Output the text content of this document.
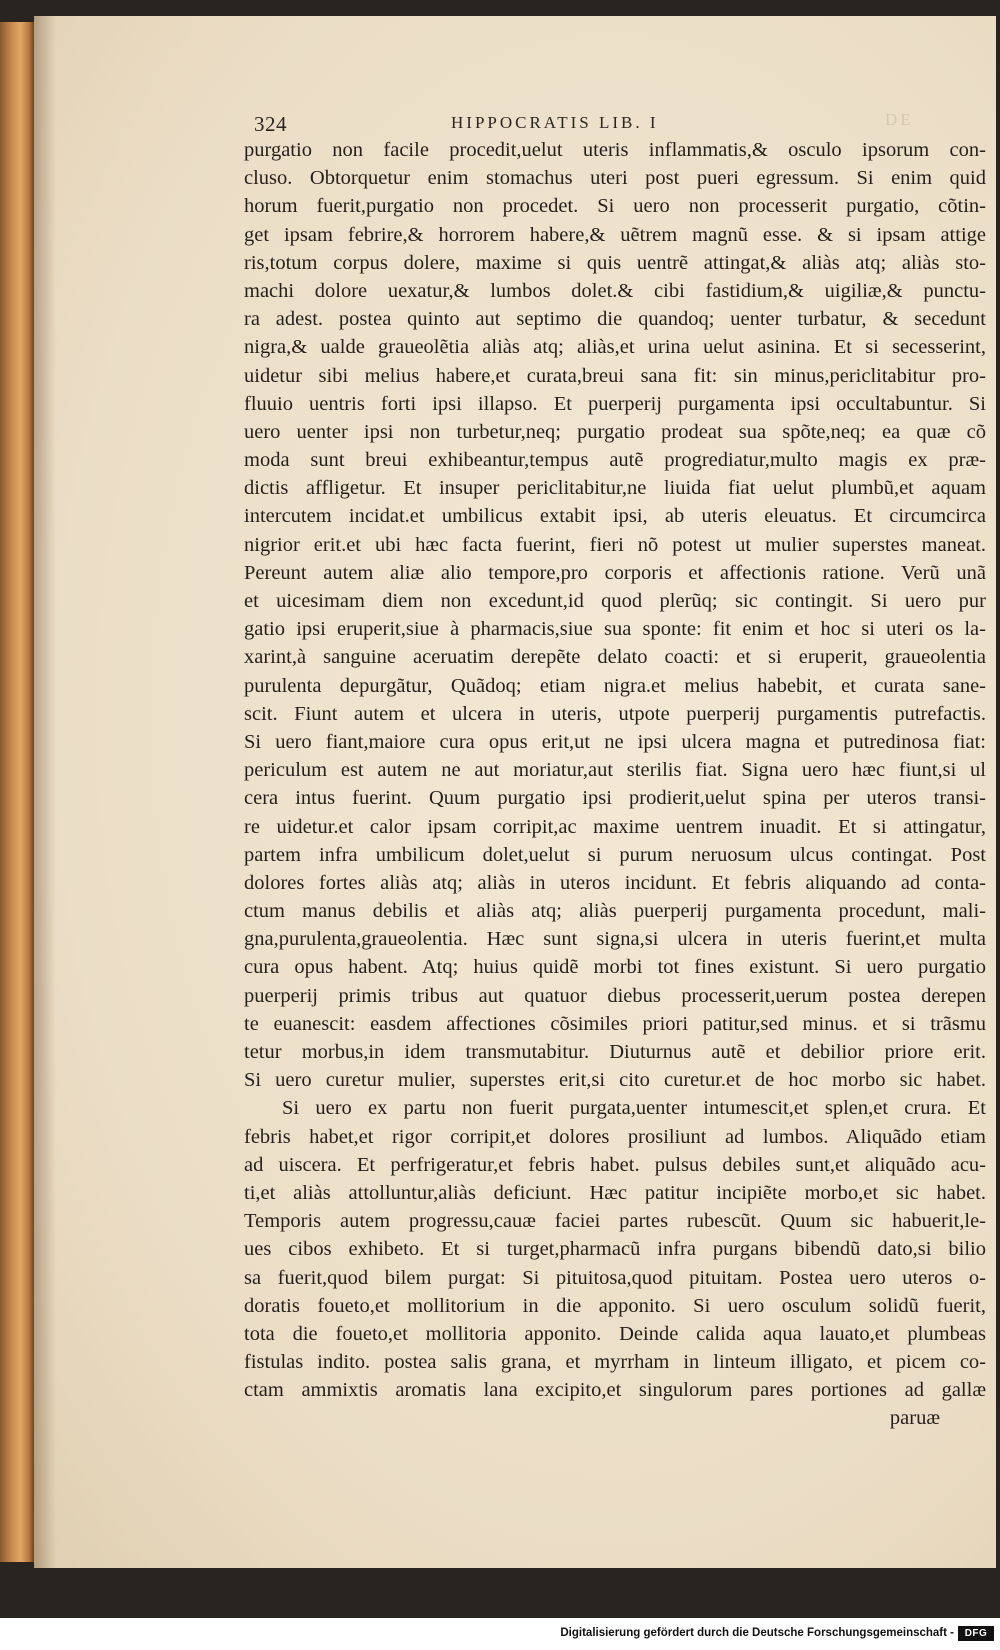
DE
324	HIPPOCRATIS LIB. I
purgatio non facile procedit,uelut uteris inflammatis,& osculo ipsorum con-
cluso. Obtorquetur enim stomachus uteri post pueri egressum. Si enim quid
horum fuerit,purgatio non procedet. Si uero non processerit purgatio, cõtin-
get ipsam febrire,& horrorem habere,& uẽtrem magnũ esse. & si ipsam attige
ris,totum corpus dolere, maxime si quis uentrẽ attingat,& aliàs atq; aliàs sto-
machi dolore uexatur,& lumbos dolet.& cibi fastidium,& uigiliæ,& punctu-
ra adest. postea quinto aut septimo die quandoq; uenter turbatur, & secedunt
nigra,& ualde graueolẽtia aliàs atq; aliàs,et urina uelut asinina. Et si secesserint,
uidetur sibi melius habere,et curata,breui sana fit: sin minus,periclitabitur pro-
fluuio uentris forti ipsi illapso. Et puerperij purgamenta ipsi occultabuntur. Si
uero uenter ipsi non turbetur,neq; purgatio prodeat sua spõte,neq; ea quæ cõ
moda sunt breui exhibeantur,tempus autẽ progrediatur,multo magis ex præ-
dictis affligetur. Et insuper periclitabitur,ne liuida fiat uelut plumbũ,et aquam
intercutem incidat.et umbilicus extabit ipsi, ab uteris eleuatus. Et circumcirca
nigrior erit.et ubi hæc facta fuerint, fieri nõ potest ut mulier superstes maneat.
Pereunt autem aliæ alio tempore,pro corporis et affectionis ratione. Verũ unã
et uicesimam diem non excedunt,id quod plerũq; sic contingit. Si uero pur
gatio ipsi eruperit,siue à pharmacis,siue sua sponte: fit enim et hoc si uteri os la-
xarint,à sanguine aceruatim derepẽte delato coacti: et si eruperit, graueolentia
purulenta depurgãtur, Quãdoq; etiam nigra.et melius habebit, et curata sane-
scit. Fiunt autem et ulcera in uteris, utpote puerperij purgamentis putrefactis.
Si uero fiant,maiore cura opus erit,ut ne ipsi ulcera magna et putredinosa fiat:
periculum est autem ne aut moriatur,aut sterilis fiat. Signa uero hæc fiunt,si ul
cera intus fuerint. Quum purgatio ipsi prodierit,uelut spina per uteros transi-
re uidetur.et calor ipsam corripit,ac maxime uentrem inuadit. Et si attingatur,
partem infra umbilicum dolet,uelut si purum neruosum ulcus contingat. Post
dolores fortes aliàs atq; aliàs in uteros incidunt. Et febris aliquando ad conta-
ctum manus debilis et aliàs atq; aliàs puerperij purgamenta procedunt, mali-
gna,purulenta,graueolentia. Hæc sunt signa,si ulcera in uteris fuerint,et multa
cura opus habent. Atq; huius quidẽ morbi tot fines existunt. Si uero purgatio
puerperij primis tribus aut quatuor diebus processerit,uerum postea derepen
te euanescit: easdem affectiones cõsimiles priori patitur,sed minus. et si trãsmu
tetur morbus,in idem transmutabitur. Diuturnus autẽ et debilior priore erit.
Si uero curetur mulier, superstes erit,si cito curetur.et de hoc morbo sic habet.
Si uero ex partu non fuerit purgata,uenter intumescit,et splen,et crura. Et
febris habet,et rigor corripit,et dolores prosiliunt ad lumbos. Aliquãdo etiam
ad uiscera. Et perfrigeratur,et febris habet. pulsus debiles sunt,et aliquãdo acu-
ti,et aliàs attolluntur,aliàs deficiunt. Hæc patitur incipiẽte morbo,et sic habet.
Temporis autem progressu,cauæ faciei partes rubescũt. Quum sic habuerit,le-
ues cibos exhibeto. Et si turget,pharmacũ infra purgans bibendũ dato,si bilio
sa fuerit,quod bilem purgat: Si pituitosa,quod pituitam. Postea uero uteros o-
doratis foueto,et mollitorium in die apponito. Si uero osculum solidũ fuerit,
tota die foueto,et mollitoria apponito. Deinde calida aqua lauato,et plumbeas
fistulas indito. postea salis grana, et myrrham in linteum illigato, et picem co-
ctam ammixtis aromatis lana excipito,et singulorum pares portiones ad gallæ
paruæ
Digitalisierung gefördert durch die Deutsche Forschungsgemeinschaft -	DFG
